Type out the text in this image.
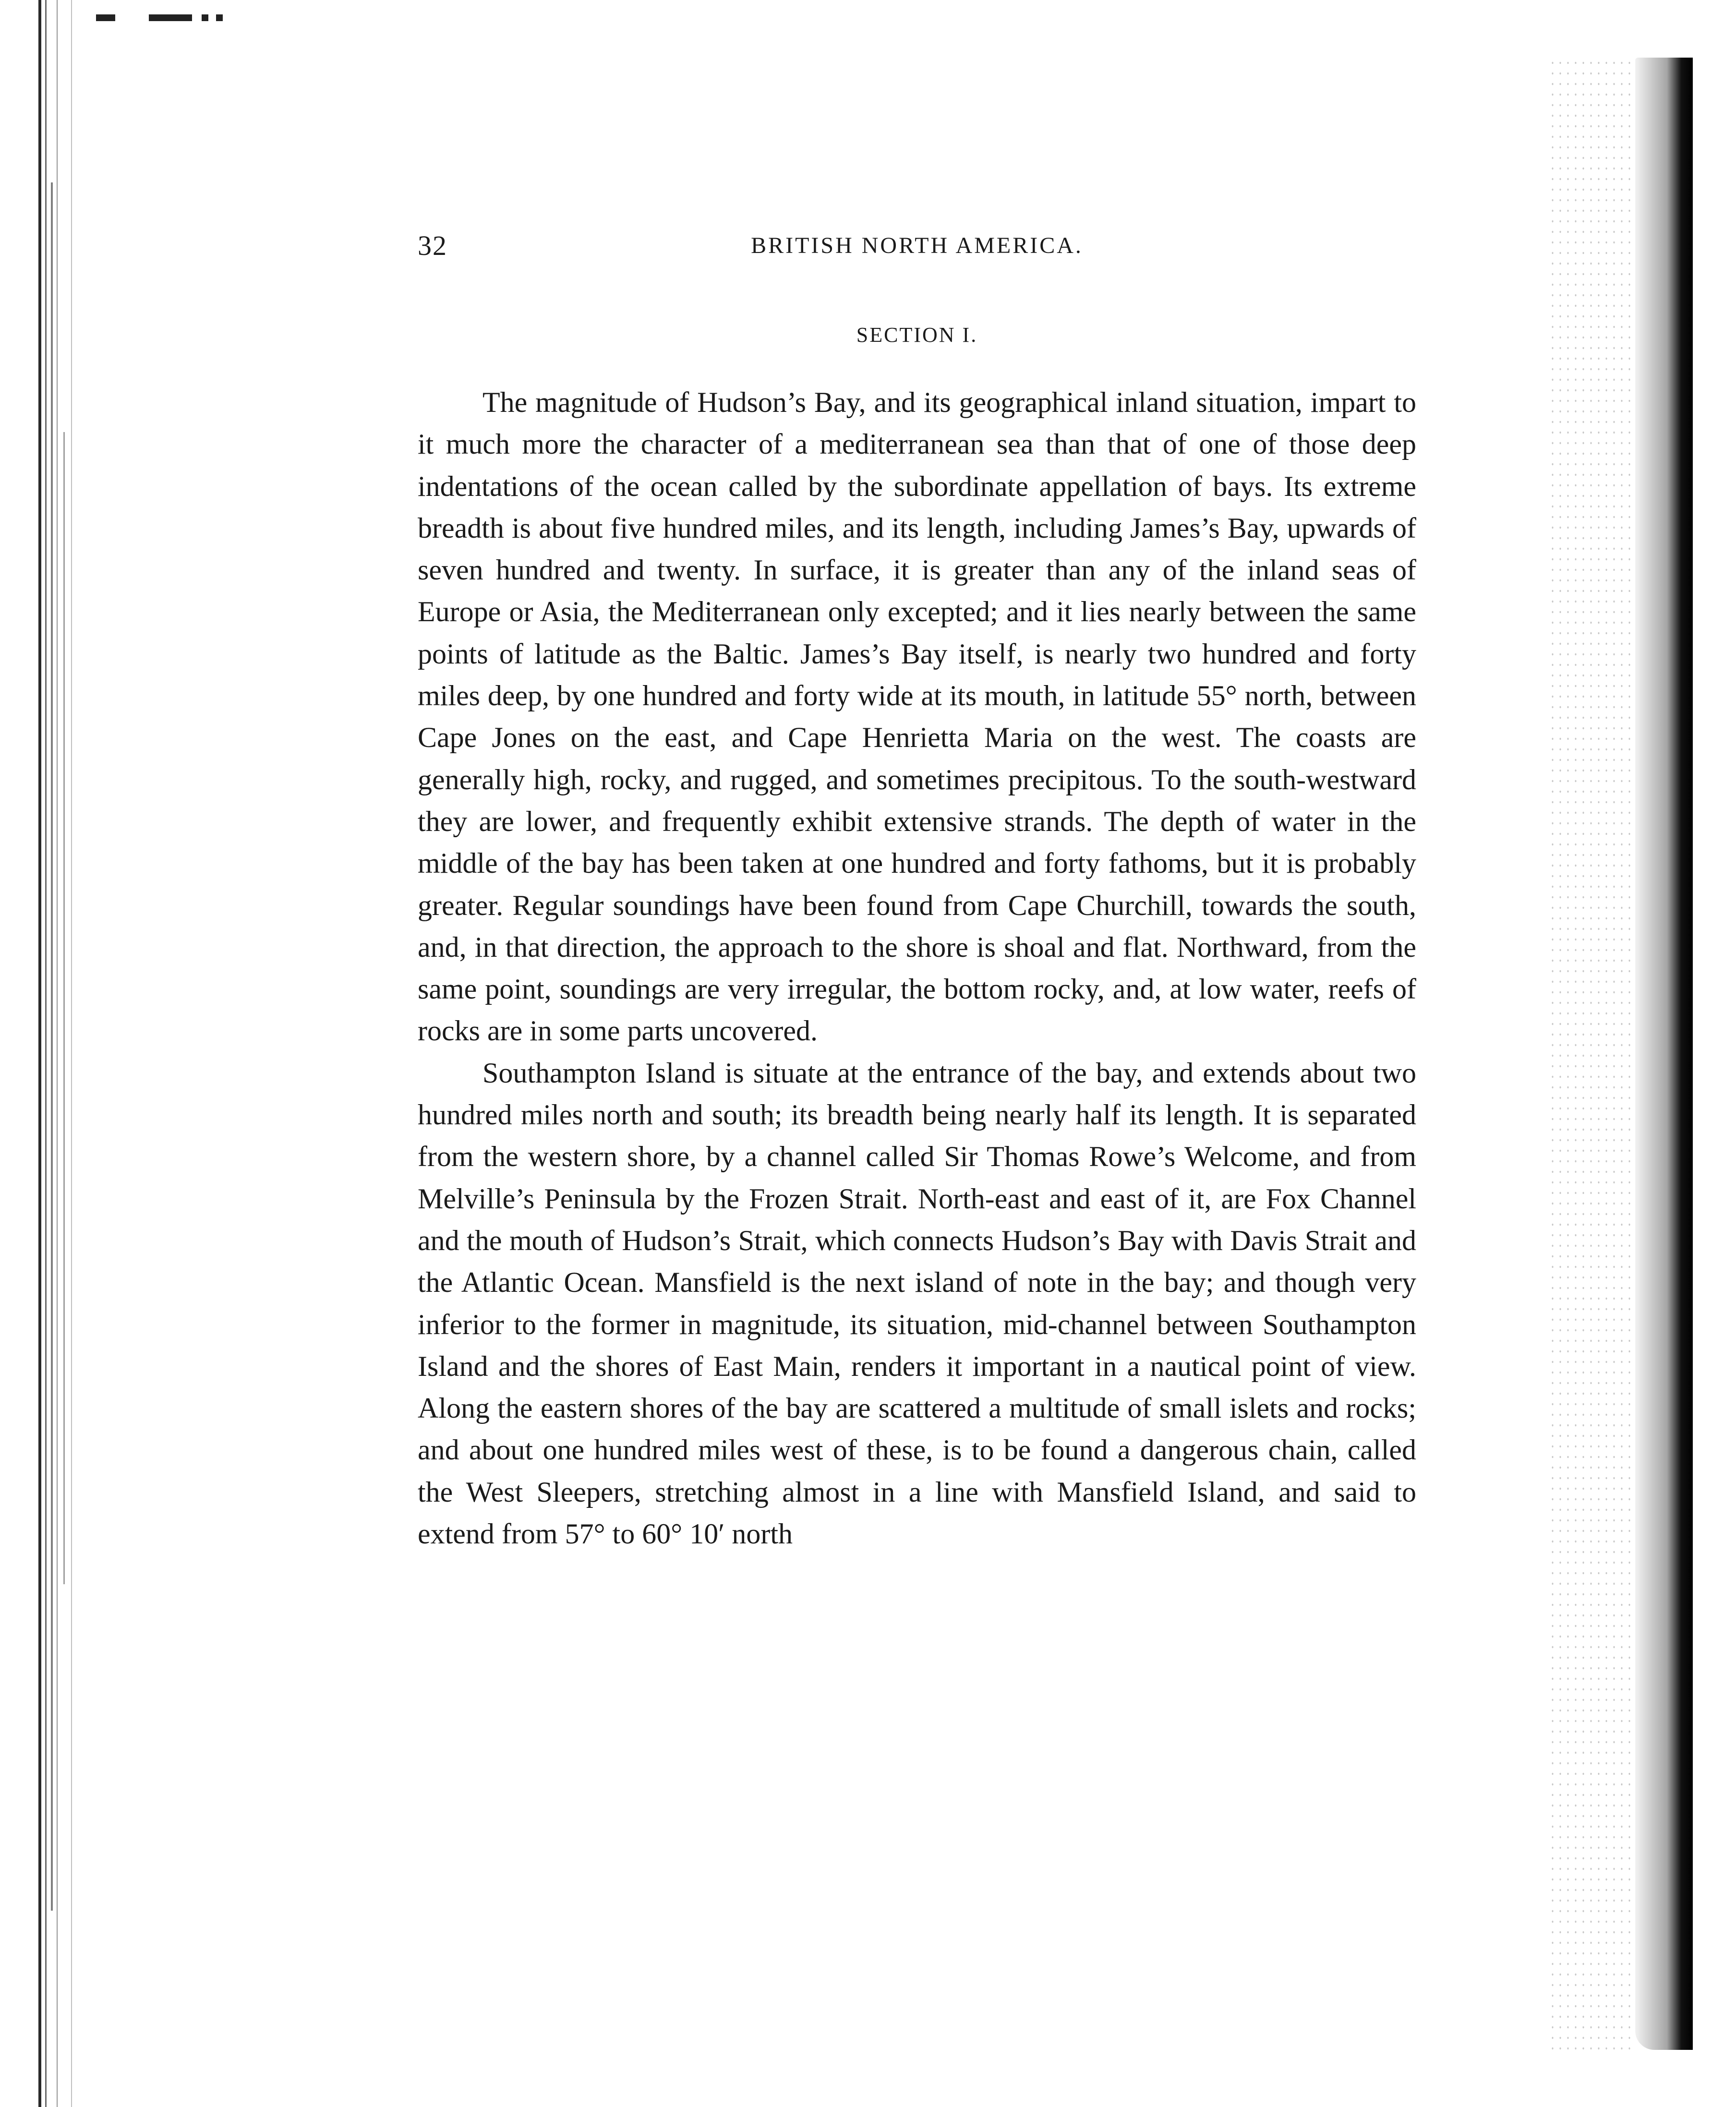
32	BRITISH NORTH AMERICA.
SECTION I.

The magnitude of Hudson’s Bay, and its geographical inland situation, impart to it much more the character of a mediterranean sea than that of one of those deep indentations of the ocean called by the subordinate appellation of bays. Its extreme breadth is about five hundred miles, and its length, including James’s Bay, upwards of seven hundred and twenty. In surface, it is greater than any of the inland seas of Europe or Asia, the Mediterranean only excepted; and it lies nearly between the same points of latitude as the Baltic. James’s Bay itself, is nearly two hundred and forty miles deep, by one hundred and forty wide at its mouth, in latitude 55° north, between Cape Jones on the east, and Cape Henrietta Maria on the west. The coasts are generally high, rocky, and rugged, and sometimes precipitous. To the south-westward they are lower, and frequently exhibit extensive strands. The depth of water in the middle of the bay has been taken at one hundred and forty fathoms, but it is probably greater. Regular soundings have been found from Cape Churchill, towards the south, and, in that direction, the approach to the shore is shoal and flat. Northward, from the same point, soundings are very irregular, the bottom rocky, and, at low water, reefs of rocks are in some parts uncovered.

Southampton Island is situate at the entrance of the bay, and extends about two hundred miles north and south; its breadth being nearly half its length. It is separated from the western shore, by a channel called Sir Thomas Rowe’s Welcome, and from Melville’s Peninsula by the Frozen Strait. North-east and east of it, are Fox Channel and the mouth of Hudson’s Strait, which connects Hudson’s Bay with Davis Strait and the Atlantic Ocean. Mansfield is the next island of note in the bay; and though very inferior to the former in magnitude, its situation, mid-channel between Southampton Island and the shores of East Main, renders it important in a nautical point of view. Along the eastern shores of the bay are scattered a multitude of small islets and rocks; and about one hundred miles west of these, is to be found a dangerous chain, called the West Sleepers, stretching almost in a line with Mansfield Island, and said to extend from 57° to 60° 10′ north
